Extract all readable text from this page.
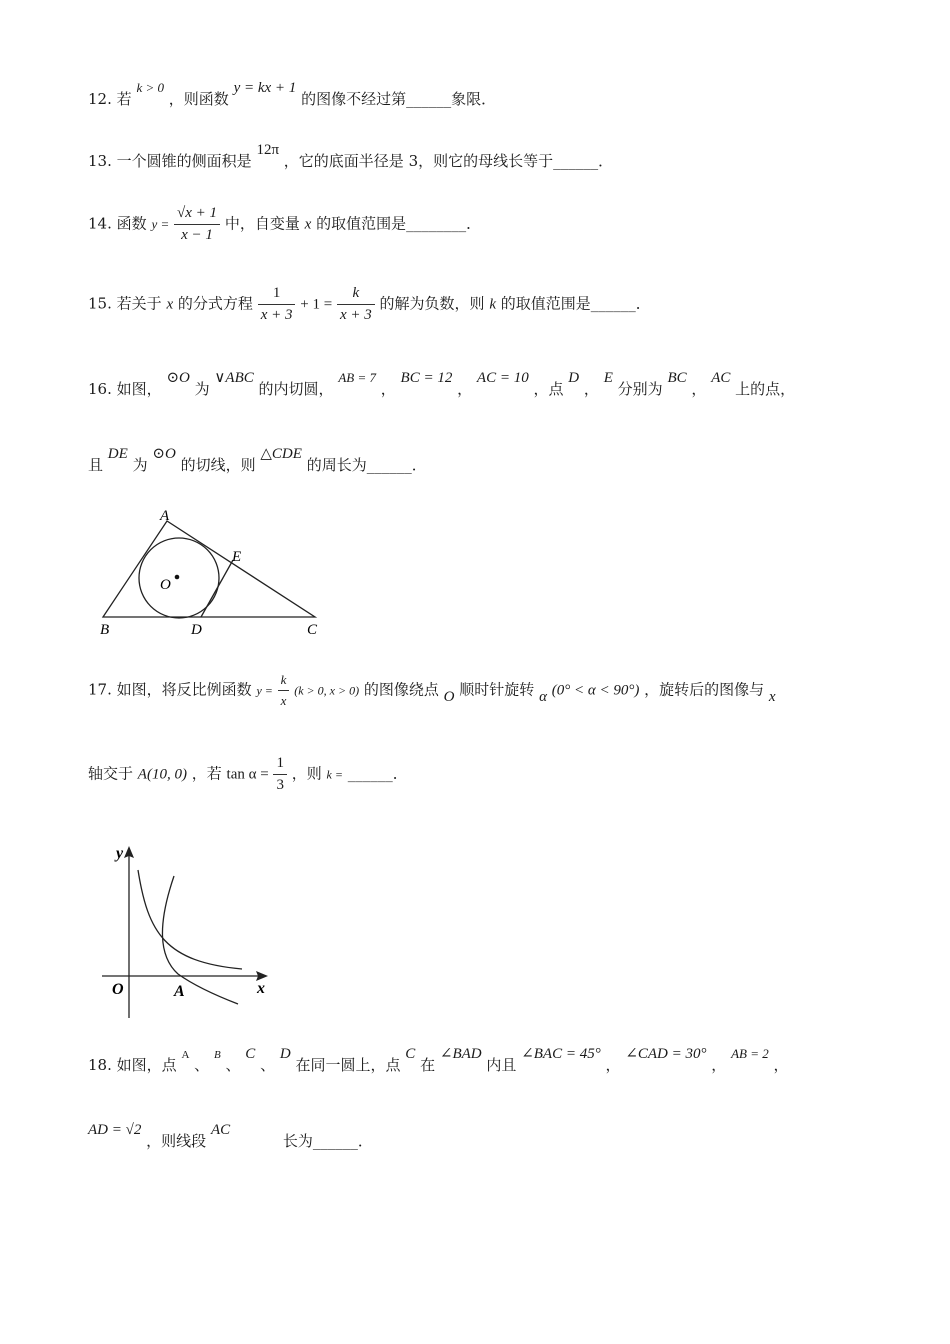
12. 若 k > 0 ，则函数 y = kx + 1 的图像不经过第______象限．
13. 一个圆锥的侧面积是 12π ，它的底面半径是 3，则它的母线长等于______．
14. 函数 $y = \frac{√x + 1}{x - 1}$ 中，自变量 x 的取值范围是________．
15. 若关于 x 的分式方程 $\frac{1}{x + 3} + 1 = \frac{k}{x + 3}$ 的解为负数，则 k 的取值范围是______．
16. 如图， ⊙O 为 ∨ABC 的内切圆， AB = 7 ， BC = 12 ， AC = 10 ，点 D ， E 分别为 BC ， AC 上的点，
且 DE 为 ⊙O 的切线，则 △CDE 的周长为______．
A
B	C
D
E
O
17. 如图，将反比例函数 $y = \frac{k}{x} (k > 0$, x > 0) 的图像绕点 O 顺时针旋转 α (0° < α < 90°) ，旋转后的图像与 x
轴交于 A(10, 0) ，若 $\tan \alpha = \frac{1}{3}$ ，则 k = ______．
y
x
O	A
18. 如图，点 $^A$ 、 $^B$ 、 C 、 D 在同一圆上，点 C 在 ∠BAD 内且 ∠BAC = 45° ， ∠CAD = 30° ， AB = 2 ，
AD = √2 ，则线段 AC 长为______．
